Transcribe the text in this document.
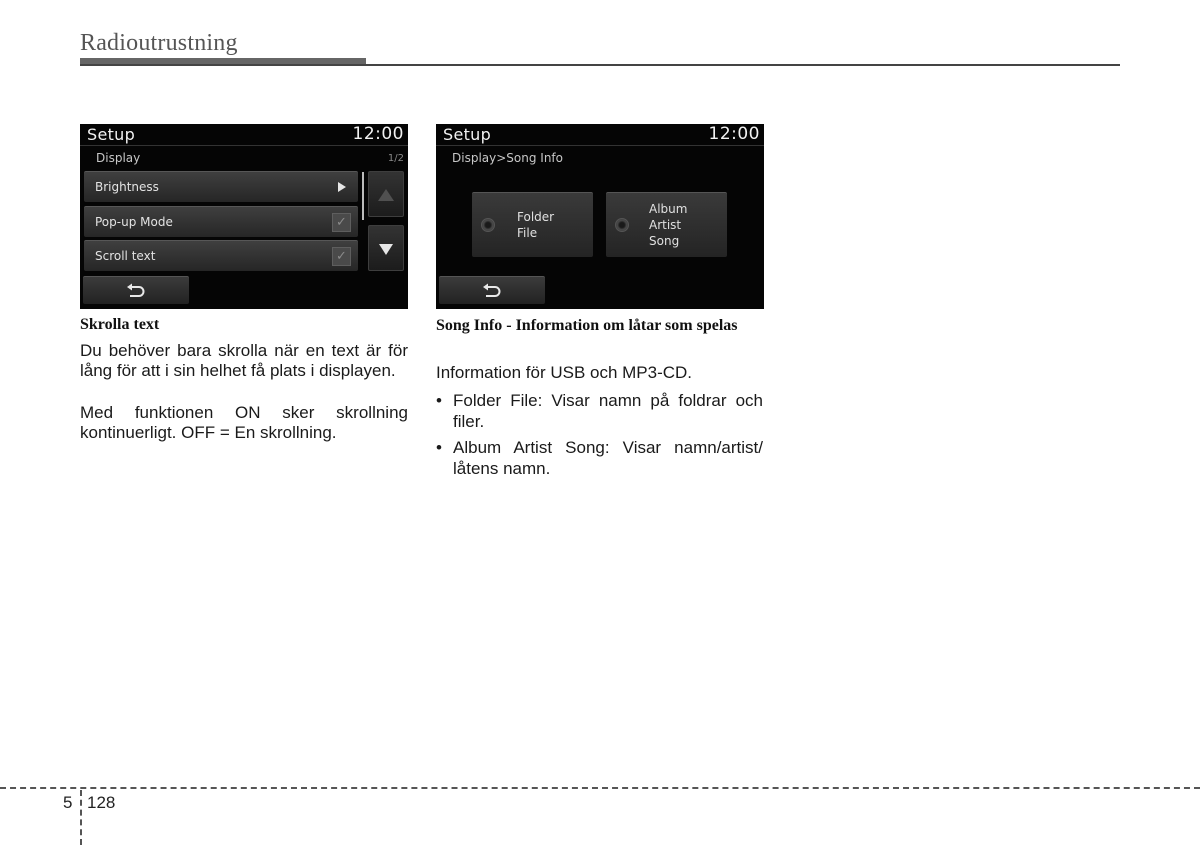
Radioutrustning
Setup	12:00
Display	1/2
Brightness
Pop-up Mode	✓
Scroll text	✓
Setup	12:00
Display>Song Info
Folder
File
Album
Artist
Song
Skrolla text
Du behöver bara skrolla när en text är för lång för att i sin helhet få plats i displayen.
Med funktionen ON sker skrollning kontinuerligt. OFF = En skrollning.
Song Info - Information om låtar som spelas
Information för USB och MP3-CD.
• Folder File: Visar namn på foldrar och filer.
• Album Artist Song: Visar namn/artist/ låtens namn.
5 128
